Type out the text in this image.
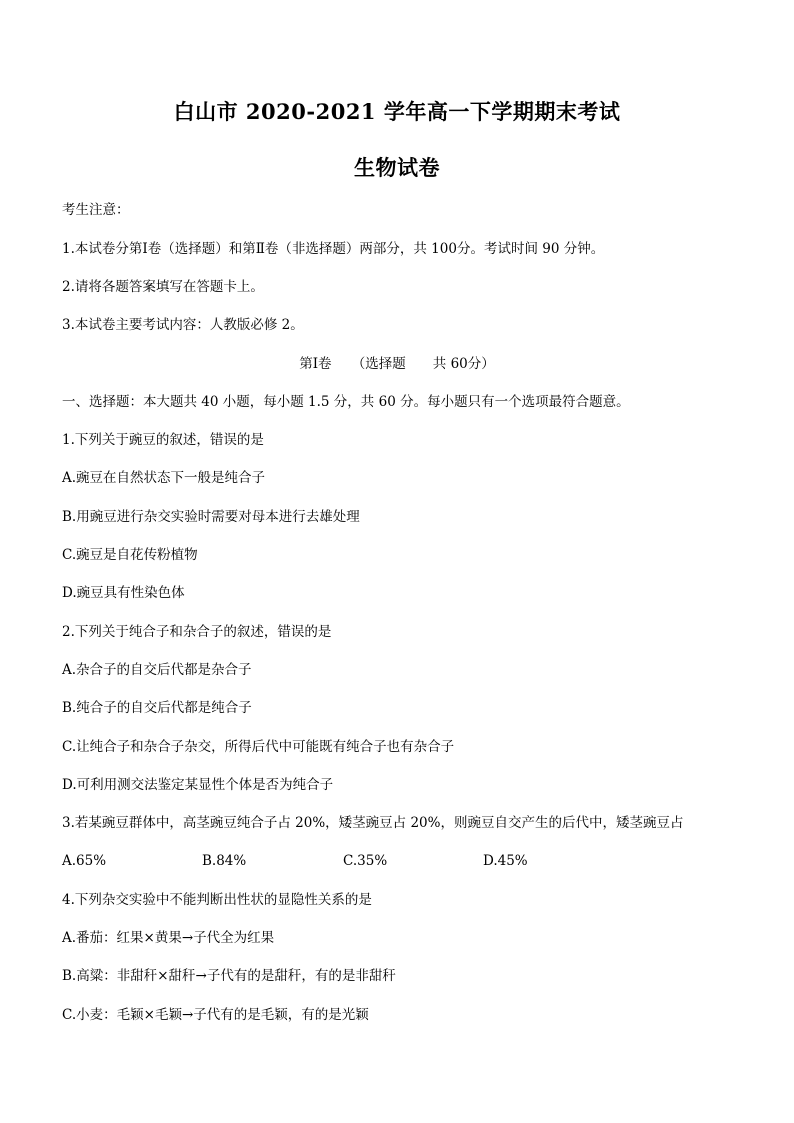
白山市 2020-2021 学年高一下学期期末考试
生物试卷
考生注意：
1.本试卷分第Ⅰ卷（选择题）和第Ⅱ卷（非选择题）两部分，共 100分。考试时间 90 分钟。
2.请将各题答案填写在答题卡上。
3.本试卷主要考试内容：人教版必修 2。
第Ⅰ卷　　（选择题　　共 60分）
一、选择题：本大题共 40 小题，每小题 1.5 分，共 60 分。每小题只有一个选项最符合题意。
1.下列关于豌豆的叙述，错误的是
A.豌豆在自然状态下一般是纯合子
B.用豌豆进行杂交实验时需要对母本进行去雄处理
C.豌豆是自花传粉植物
D.豌豆具有性染色体
2.下列关于纯合子和杂合子的叙述，错误的是
A.杂合子的自交后代都是杂合子
B.纯合子的自交后代都是纯合子
C.让纯合子和杂合子杂交，所得后代中可能既有纯合子也有杂合子
D.可利用测交法鉴定某显性个体是否为纯合子
3.若某豌豆群体中，高茎豌豆纯合子占 20%，矮茎豌豆占 20%，则豌豆自交产生的后代中，矮茎豌豆占
A.65%	B.84%	C.35%	D.45%
4.下列杂交实验中不能判断出性状的显隐性关系的是
A.番茄：红果×黄果→子代全为红果
B.高粱：非甜秆×甜秆→子代有的是甜秆，有的是非甜秆
C.小麦：毛颖×毛颖→子代有的是毛颖，有的是光颖
